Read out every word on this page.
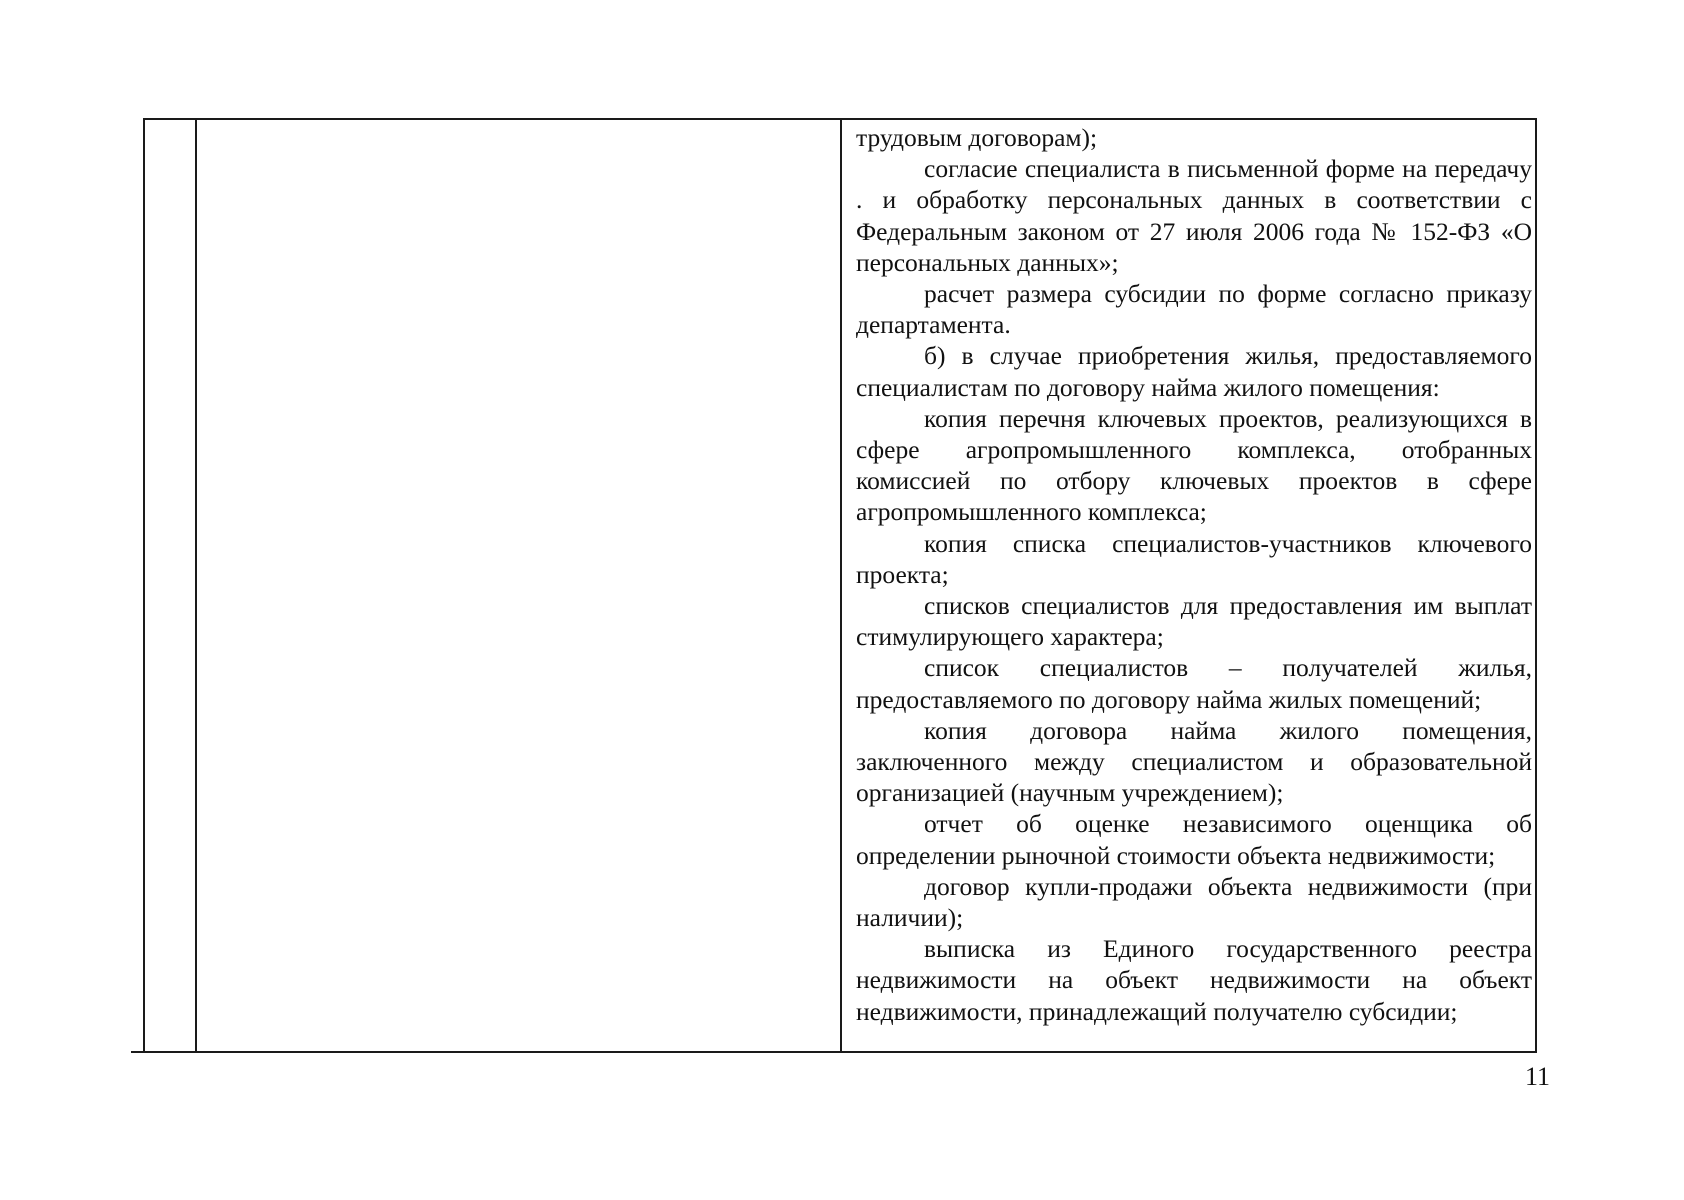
трудовым договорам);

согласие специалиста в письменной форме на передачу . и обработку персональных данных в соответствии с Федеральным законом от 27 июля 2006 года № 152-ФЗ «О персональных данных»;

расчет размера субсидии по форме согласно приказу департамента.

б) в случае приобретения жилья, предоставляемого специалистам по договору найма жилого помещения:

копия перечня ключевых проектов, реализующихся в сфере агропромышленного комплекса, отобранных комиссией по отбору ключевых проектов в сфере агропромышленного комплекса;

копия списка специалистов-участников ключевого проекта;

списков специалистов для предоставления им выплат стимулирующего характера;

список специалистов – получателей жилья, предоставляемого по договору найма жилых помещений;

копия договора найма жилого помещения, заключенного между специалистом и образовательной организацией (научным учреждением);

отчет об оценке независимого оценщика об определении рыночной стоимости объекта недвижимости;

договор купли-продажи объекта недвижимости (при наличии);

выписка из Единого государственного реестра недвижимости на объект недвижимости на объект недвижимости, принадлежащий получателю субсидии;

11
